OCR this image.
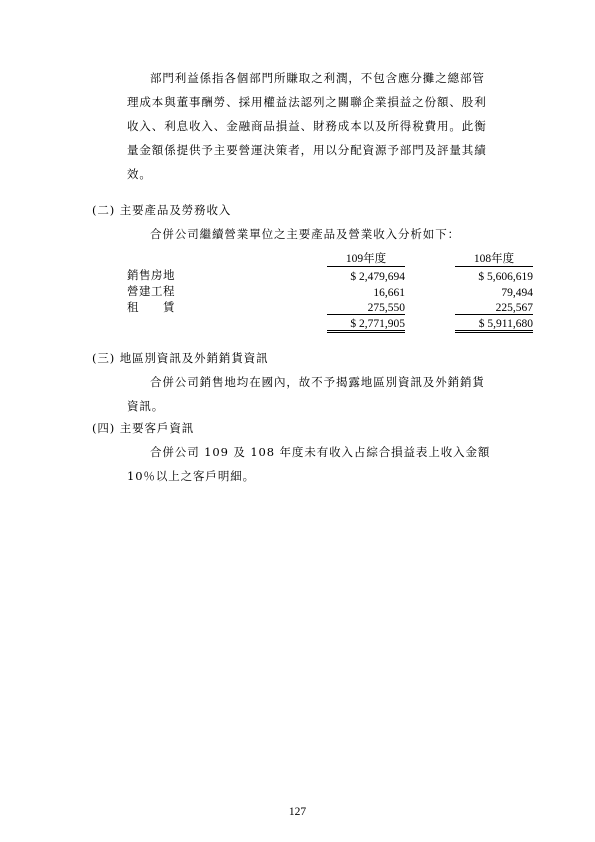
部門利益係指各個部門所賺取之利潤，不包含應分攤之總部管
理成本與董事酬勞、採用權益法認列之關聯企業損益之份額、股利
收入、利息收入、金融商品損益、財務成本以及所得稅費用。此衡
量金額係提供予主要營運決策者，用以分配資源予部門及評量其績
效。
(二) 主要產品及勞務收入
合併公司繼續營業單位之主要產品及營業收入分析如下：
	109年度		108年度
銷售房地	$ 2,479,694		$ 5,606,619
營建工程	16,661		79,494
租　　賃	275,550		225,567
	$ 2,771,905		$ 5,911,680
(三) 地區別資訊及外銷銷貨資訊
合併公司銷售地均在國內，故不予揭露地區別資訊及外銷銷貨
資訊。
(四) 主要客戶資訊
合併公司 109 及 108 年度未有收入占綜合損益表上收入金額
10％以上之客戶明細。
127
